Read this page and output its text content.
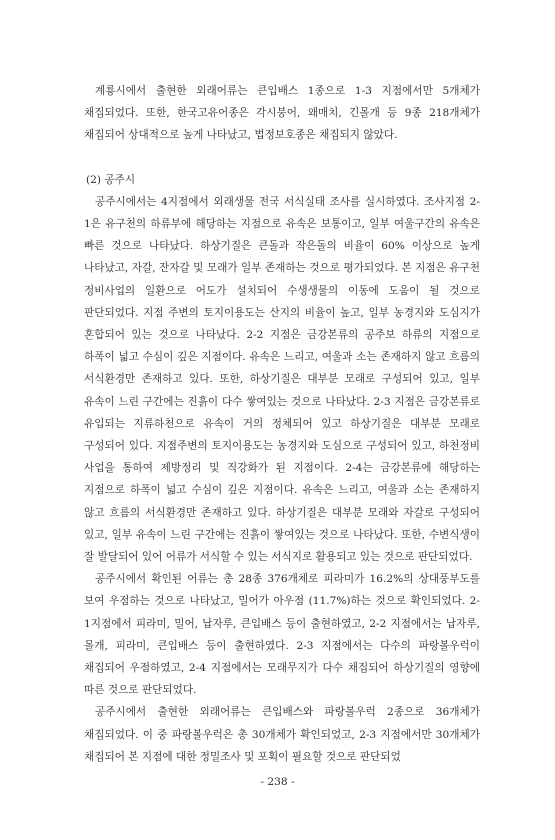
계룡시에서 출현한 외래어류는 큰입배스 1종으로 1-3 지점에서만 5개체가 채집되었다. 또한, 한국고유어종은 각시붕어, 왜매치, 긴몰개 등 9종 218개체가 채집되어 상대적으로 높게 나타났고, 법정보호종은 채집되지 않았다.

(2) 공주시

공주시에서는 4지점에서 외래생물 전국 서식실태 조사를 실시하였다. 조사지점 2-1은 유구천의 하류부에 해당하는 지점으로 유속은 보통이고, 일부 여울구간의 유속은 빠른 것으로 나타났다. 하상기질은 큰돌과 작은돌의 비율이 60% 이상으로 높게 나타났고, 자갈, 잔자갈 및 모래가 일부 존재하는 것으로 평가되었다. 본 지점은 유구천 정비사업의 일환으로 어도가 설치되어 수생생물의 이동에 도움이 될 것으로 판단되었다. 지점 주변의 토지이용도는 산지의 비율이 높고, 일부 농경지와 도심지가 혼합되어 있는 것으로 나타났다. 2-2 지점은 금강본류의 공주보 하류의 지점으로 하폭이 넓고 수심이 깊은 지점이다. 유속은 느리고, 여울과 소는 존재하지 않고 흐름의 서식환경만 존재하고 있다. 또한, 하상기질은 대부분 모래로 구성되어 있고, 일부 유속이 느린 구간에는 진흙이 다수 쌓여있는 것으로 나타났다. 2-3 지점은 금강본류로 유입되는 지류하천으로 유속이 거의 정체되어 있고 하상기질은 대부분 모래로 구성되어 있다. 지점주변의 토지이용도는 농경지와 도심으로 구성되어 있고, 하천정비 사업을 통하여 제방정리 및 직강화가 된 지점이다. 2-4는 금강본류에 해당하는 지점으로 하폭이 넓고 수심이 깊은 지점이다. 유속은 느리고, 여울과 소는 존재하지 않고 흐름의 서식환경만 존재하고 있다. 하상기질은 대부분 모래와 자갈로 구성되어 있고, 일부 유속이 느린 구간에는 진흙이 쌓여있는 것으로 나타났다. 또한, 수변식생이 잘 발달되어 있어 어류가 서식할 수 있는 서식지로 활용되고 있는 것으로 판단되었다.

공주시에서 확인된 어류는 총 28종 376개체로 피라미가 16.2%의 상대풍부도를 보여 우점하는 것으로 나타났고, 밀어가 아우점 (11.7%)하는 것으로 확인되었다. 2-1지점에서 피라미, 밀어, 납자루, 큰입배스 등이 출현하였고, 2-2 지점에서는 납자루, 몰개, 피라미, 큰입배스 등이 출현하였다. 2-3 지점에서는 다수의 파랑볼우럭이 채집되어 우점하였고, 2-4 지점에서는 모래무지가 다수 채집되어 하상기질의 영향에 따른 것으로 판단되었다.

공주시에서 출현한 외래어류는 큰입배스와 파랑볼우럭 2종으로 36개체가 채집되었다. 이 중 파랑볼우럭은 총 30개체가 확인되었고, 2-3 지점에서만 30개체가 채집되어 본 지점에 대한 정밀조사 및 포획이 필요할 것으로 판단되었

- 238 -
